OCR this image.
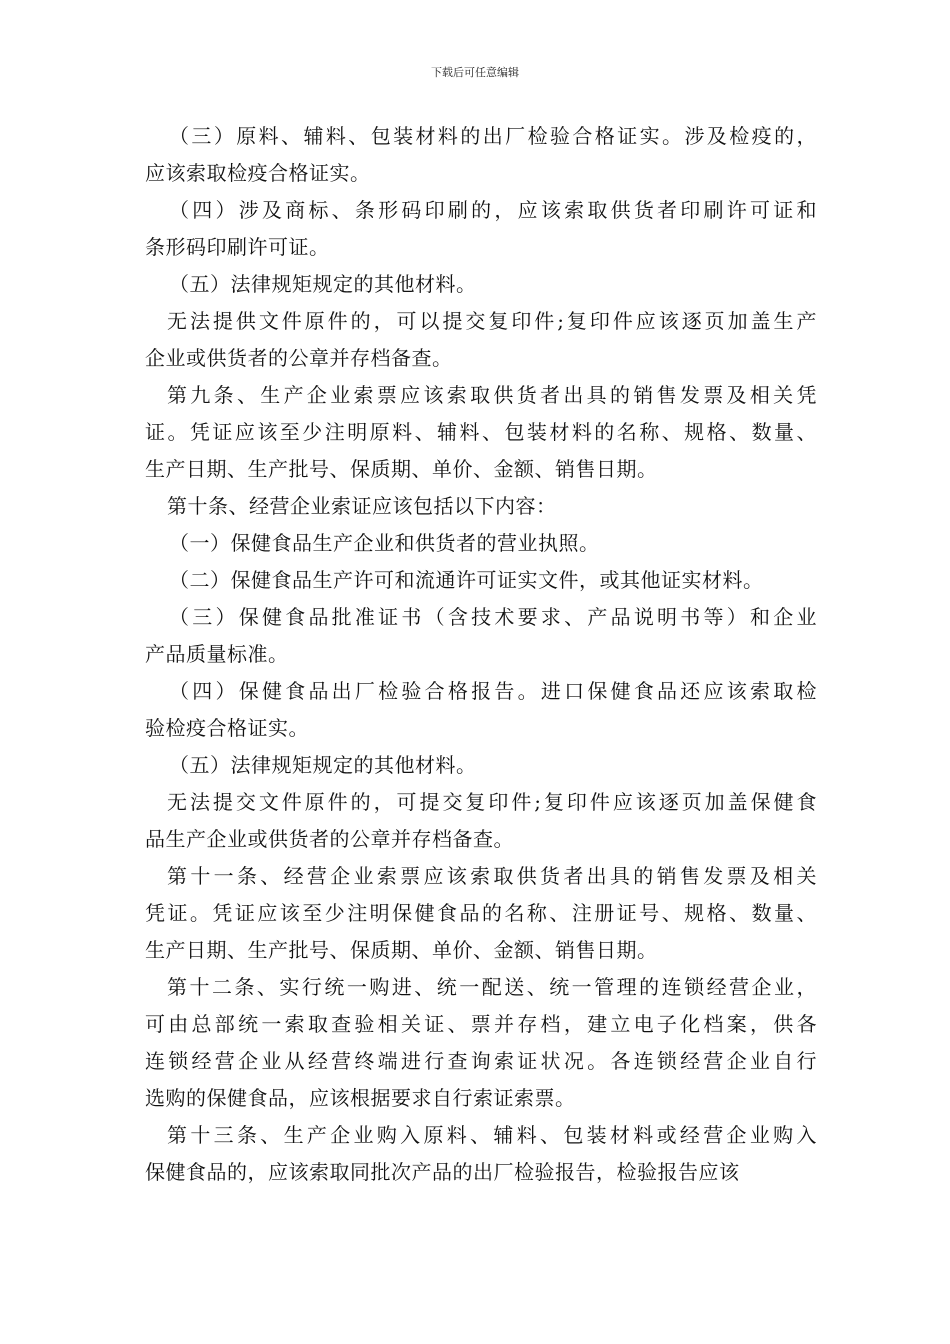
下载后可任意编辑
（三）原料、辅料、包装材料的出厂检验合格证实。涉及检疫的，
应该索取检疫合格证实。
（四）涉及商标、条形码印刷的，应该索取供货者印刷许可证和
条形码印刷许可证。
（五）法律规矩规定的其他材料。
无法提供文件原件的，可以提交复印件;复印件应该逐页加盖生产
企业或供货者的公章并存档备查。
第九条、生产企业索票应该索取供货者出具的销售发票及相关凭
证。凭证应该至少注明原料、辅料、包装材料的名称、规格、数量、
生产日期、生产批号、保质期、单价、金额、销售日期。
第十条、经营企业索证应该包括以下内容：
（一）保健食品生产企业和供货者的营业执照。
（二）保健食品生产许可和流通许可证实文件，或其他证实材料。
（三）保健食品批准证书（含技术要求、产品说明书等）和企业
产品质量标准。
（四）保健食品出厂检验合格报告。进口保健食品还应该索取检
验检疫合格证实。
（五）法律规矩规定的其他材料。
无法提交文件原件的，可提交复印件;复印件应该逐页加盖保健食
品生产企业或供货者的公章并存档备查。
第十一条、经营企业索票应该索取供货者出具的销售发票及相关
凭证。凭证应该至少注明保健食品的名称、注册证号、规格、数量、
生产日期、生产批号、保质期、单价、金额、销售日期。
第十二条、实行统一购进、统一配送、统一管理的连锁经营企业，
可由总部统一索取查验相关证、票并存档，建立电子化档案，供各
连锁经营企业从经营终端进行查询索证状况。各连锁经营企业自行
选购的保健食品，应该根据要求自行索证索票。
第十三条、生产企业购入原料、辅料、包装材料或经营企业购入
保健食品的，应该索取同批次产品的出厂检验报告，检验报告应该
